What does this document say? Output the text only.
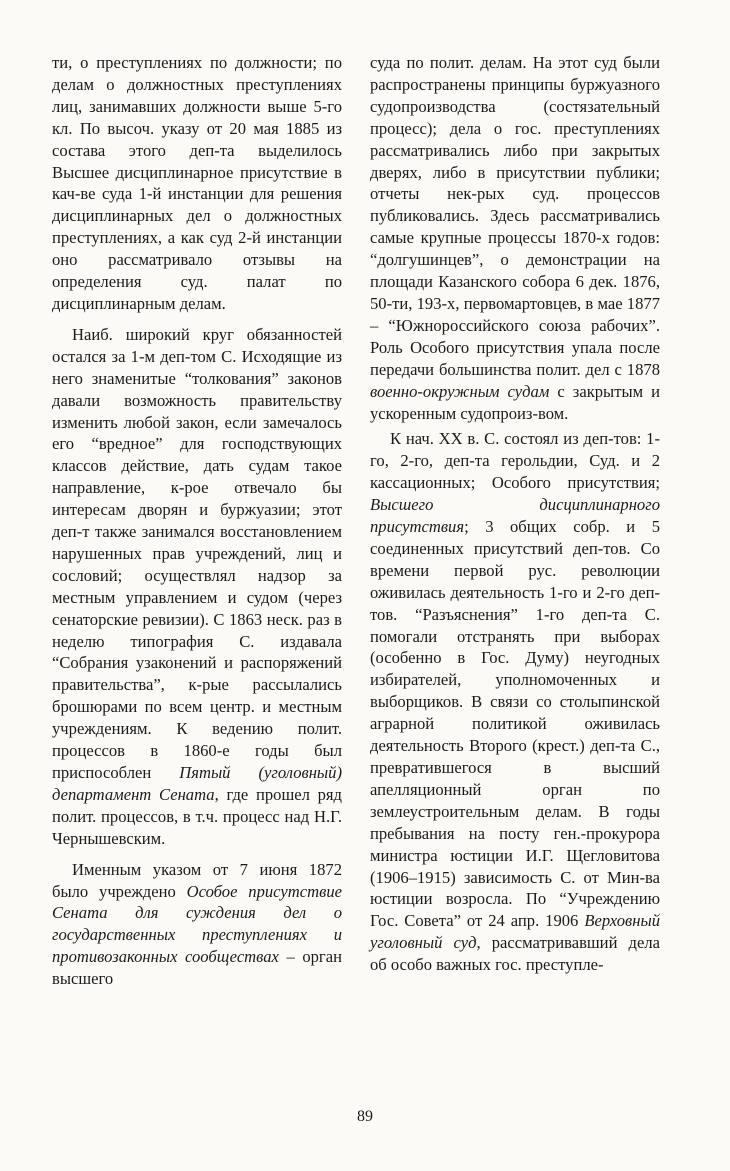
ти, о преступлениях по должности; по делам о должностных преступлениях лиц, занимавших должности выше 5-го кл. По высоч. указу от 20 мая 1885 из состава этого деп-та выделилось Высшее дисциплинарное присутствие в кач-ве суда 1-й инстанции для решения дисциплинарных дел о должностных преступлениях, а как суд 2-й инстанции оно рассматривало отзывы на определения суд. палат по дисциплинарным делам.

Наиб. широкий круг обязанностей остался за 1-м деп-том С. Исходящие из него знаменитые “толкования” законов давали возможность правительству изменить любой закон, если замечалось его “вредное” для господствующих классов действие, дать судам такое направление, к-рое отвечало бы интересам дворян и буржуазии; этот деп-т также занимался восстановлением нарушенных прав учреждений, лиц и сословий; осуществлял надзор за местным управлением и судом (через сенаторские ревизии). С 1863 неск. раз в неделю типография С. издавала “Собрания узаконений и распоряжений правительства”, к-рые рассылались брошюрами по всем центр. и местным учреждениям. К ведению полит. процессов в 1860-е годы был приспособлен Пятый (уголовный) департамент Сената, где прошел ряд полит. процессов, в т.ч. процесс над Н.Г. Чернышевским.

Именным указом от 7 июня 1872 было учреждено Особое присутствие Сената для суждения дел о государственных преступлениях и противозаконных сообществах – орган высшего

суда по полит. делам. На этот суд были распространены принципы буржуазного судопроизводства (состязательный процесс); дела о гос. преступлениях рассматривались либо при закрытых дверях, либо в присутствии публики; отчеты нек-рых суд. процессов публиковались. Здесь рассматривались самые крупные процессы 1870-х годов: “долгушинцев”, о демонстрации на площади Казанского собора 6 дек. 1876, 50-ти, 193-х, первомартовцев, в мае 1877 – “Южнороссийского союза рабочих”. Роль Особого присутствия упала после передачи большинства полит. дел с 1878 военно-окружным судам с закрытым и ускоренным судопроиз-вом.

К нач. XX в. С. состоял из деп-тов: 1-го, 2-го, деп-та герольдии, Суд. и 2 кассационных; Особого присутствия; Высшего дисциплинарного присутствия; 3 общих собр. и 5 соединенных присутствий деп-тов. Со времени первой рус. революции оживилась деятельность 1-го и 2-го деп-тов. “Разъяснения” 1-го деп-та С. помогали отстранять при выборах (особенно в Гос. Думу) неугодных избирателей, уполномоченных и выборщиков. В связи со столыпинской аграрной политикой оживилась деятельность Второго (крест.) деп-та С., превратившегося в высший апелляционный орган по землеустроительным делам. В годы пребывания на посту ген.-прокурора министра юстиции И.Г. Щегловитова (1906–1915) зависимость С. от Мин-ва юстиции возросла. По “Учреждению Гос. Совета” от 24 апр. 1906 Верховный уголовный суд, рассматривавший дела об особо важных гос. преступле-

89
